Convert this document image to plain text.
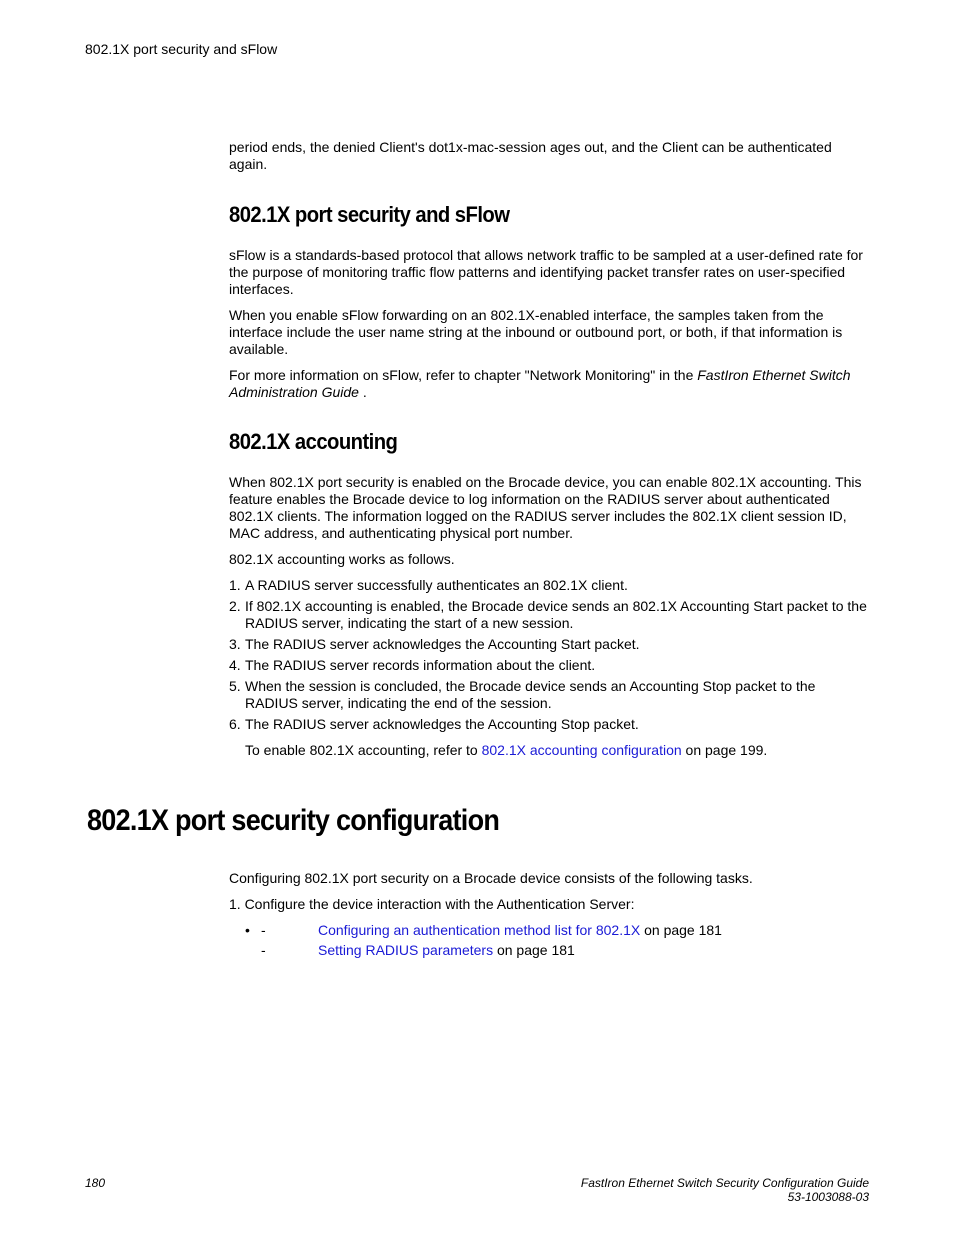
802.1X port security and sFlow

period ends, the denied Client's dot1x-mac-session ages out, and the Client can be authenticated again.

802.1X port security and sFlow

sFlow is a standards-based protocol that allows network traffic to be sampled at a user-defined rate for the purpose of monitoring traffic flow patterns and identifying packet transfer rates on user-specified interfaces.

When you enable sFlow forwarding on an 802.1X-enabled interface, the samples taken from the interface include the user name string at the inbound or outbound port, or both, if that information is available.

For more information on sFlow, refer to chapter "Network Monitoring" in the FastIron Ethernet Switch Administration Guide .

802.1X accounting

When 802.1X port security is enabled on the Brocade device, you can enable 802.1X accounting. This feature enables the Brocade device to log information on the RADIUS server about authenticated 802.1X clients. The information logged on the RADIUS server includes the 802.1X client session ID, MAC address, and authenticating physical port number.

802.1X accounting works as follows.

1. A RADIUS server successfully authenticates an 802.1X client.
2. If 802.1X accounting is enabled, the Brocade device sends an 802.1X Accounting Start packet to the RADIUS server, indicating the start of a new session.
3. The RADIUS server acknowledges the Accounting Start packet.
4. The RADIUS server records information about the client.
5. When the session is concluded, the Brocade device sends an Accounting Stop packet to the RADIUS server, indicating the end of the session.
6. The RADIUS server acknowledges the Accounting Stop packet.

To enable 802.1X accounting, refer to 802.1X accounting configuration on page 199.

802.1X port security configuration

Configuring 802.1X port security on a Brocade device consists of the following tasks.

1. Configure the device interaction with the Authentication Server:

• -	Configuring an authentication method list for 802.1X on page 181
-	Setting RADIUS parameters on page 181
180	FastIron Ethernet Switch Security Configuration Guide
53-1003088-03
